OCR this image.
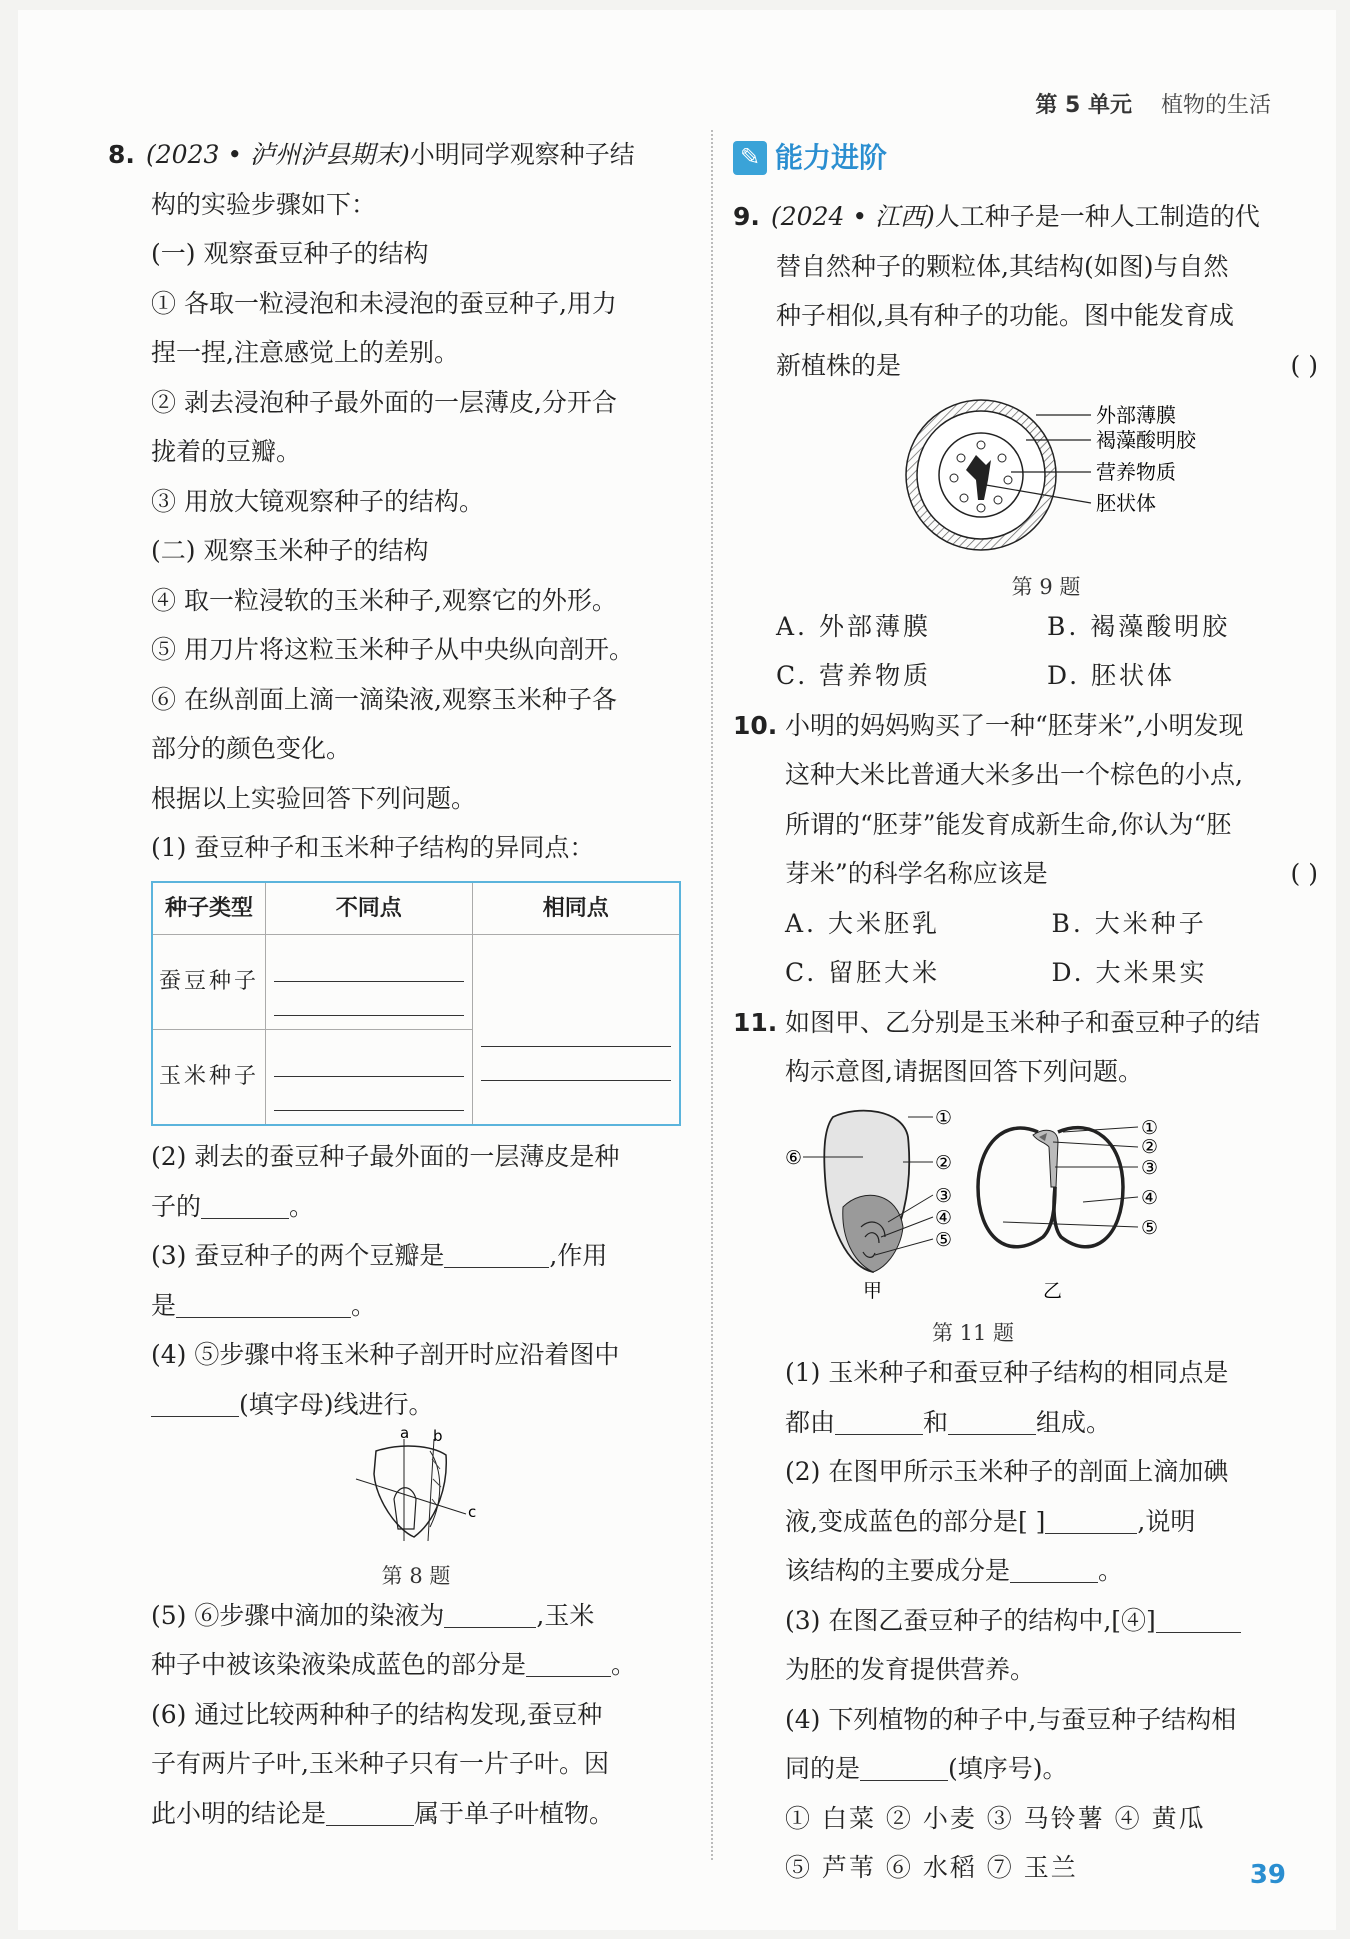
第 5 单元 植物的生活
8. (2023 • 泸州泸县期末)小明同学观察种子结
构的实验步骤如下：
(一) 观察蚕豆种子的结构
① 各取一粒浸泡和未浸泡的蚕豆种子,用力
捏一捏,注意感觉上的差别。
② 剥去浸泡种子最外面的一层薄皮,分开合
拢着的豆瓣。
③ 用放大镜观察种子的结构。
(二) 观察玉米种子的结构
④ 取一粒浸软的玉米种子,观察它的外形。
⑤ 用刀片将这粒玉米种子从中央纵向剖开。
⑥ 在纵剖面上滴一滴染液,观察玉米种子各
部分的颜色变化。
根据以上实验回答下列问题。
(1) 蚕豆种子和玉米种子结构的异同点：
种子类型	不同点	相同点
蚕豆种子	

玉米种子		
(2) 剥去的蚕豆种子最外面的一层薄皮是种
子的	。
(3) 蚕豆种子的两个豆瓣是	,作用
是	。
(4) ⑤步骤中将玉米种子剖开时应沿着图中
(填字母)线进行。
a b
c
第 8 题
(5) ⑥步骤中滴加的染液为	,玉米
种子中被该染液染成蓝色的部分是	。
(6) 通过比较两种种子的结构发现,蚕豆种
子有两片子叶,玉米种子只有一片子叶。因
此小明的结论是	属于单子叶植物。
✎ 能力进阶
9. (2024 • 江西)人工种子是一种人工制造的代
替自然种子的颗粒体,其结构(如图)与自然
种子相似,具有种子的功能。图中能发育成
新植株的是	( )
外部薄膜
褐藻酸明胶
营养物质
胚状体
第 9 题
A. 外部薄膜	B. 褐藻酸明胶
C. 营养物质	D. 胚状体
10. 小明的妈妈购买了一种“胚芽米”,小明发现
这种大米比普通大米多出一个棕色的小点,
所谓的“胚芽”能发育成新生命,你认为“胚
芽米”的科学名称应该是	( )
A. 大米胚乳	B. 大米种子
C. 留胚大米	D. 大米果实
11. 如图甲、乙分别是玉米种子和蚕豆种子的结
构示意图,请据图回答下列问题。
⑥
①
②
③
④
⑤
甲
①
②
③
④
⑤
乙
第 11 题
(1) 玉米种子和蚕豆种子结构的相同点是
都由	和	组成。
(2) 在图甲所示玉米种子的剖面上滴加碘
液,变成蓝色的部分是[ ]	,说明
该结构的主要成分是	。
(3) 在图乙蚕豆种子的结构中,[④]
为胚的发育提供营养。
(4) 下列植物的种子中,与蚕豆种子结构相
同的是	(填序号)。
① 白菜 ② 小麦 ③ 马铃薯 ④ 黄瓜
⑤ 芦苇 ⑥ 水稻 ⑦ 玉兰	39
